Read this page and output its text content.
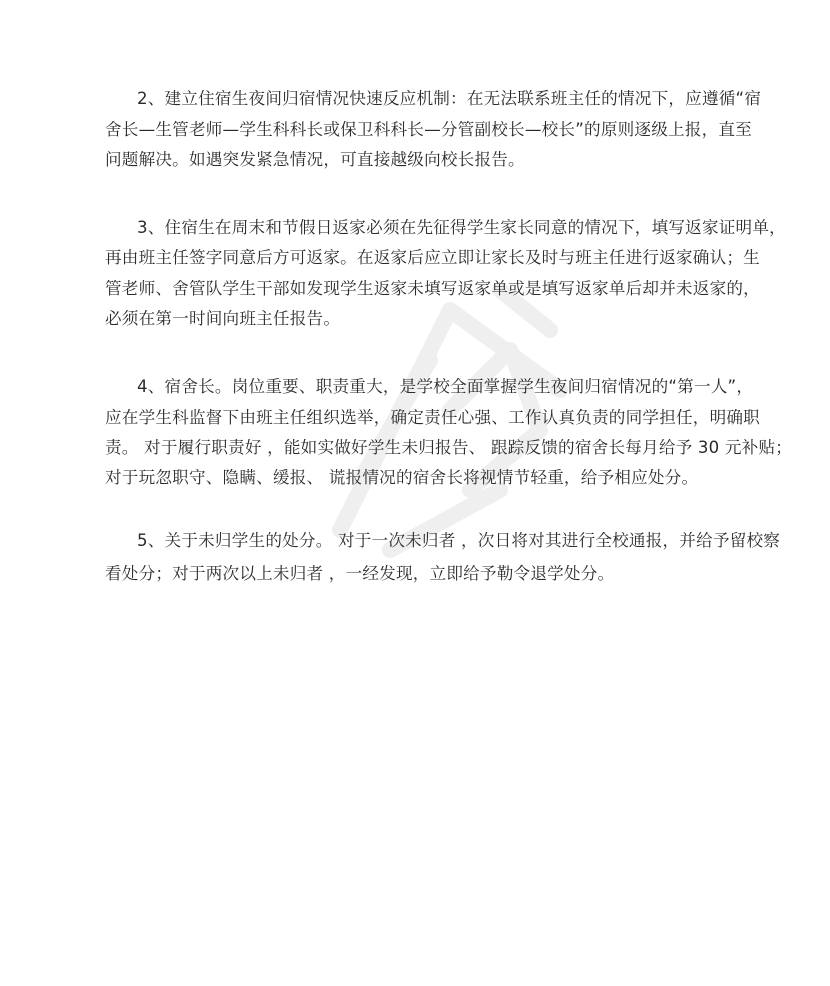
2、建立住宿生夜间归宿情况快速反应机制：在无法联系班主任的情况下，应遵循“宿
舍长—生管老师—学生科科长或保卫科科长—分管副校长—校长”的原则逐级上报，直至
问题解决。如遇突发紧急情况，可直接越级向校长报告。
3、住宿生在周末和节假日返家必须在先征得学生家长同意的情况下，填写返家证明单，
再由班主任签字同意后方可返家。在返家后应立即让家长及时与班主任进行返家确认；生
管老师、舍管队学生干部如发现学生返家未填写返家单或是填写返家单后却并未返家的，
必须在第一时间向班主任报告。
4、宿舍长。岗位重要、职责重大，是学校全面掌握学生夜间归宿情况的“第一人”，
应在学生科监督下由班主任组织选举，确定责任心强、工作认真负责的同学担任，明确职
责。 对于履行职责好 ，能如实做好学生未归报告、 跟踪反馈的宿舍长每月给予 30 元补贴；
对于玩忽职守、隐瞒、缓报、 谎报情况的宿舍长将视情节轻重，给予相应处分。
5、关于未归学生的处分。 对于一次未归者 ，次日将对其进行全校通报，并给予留校察
看处分；对于两次以上未归者 ，一经发现，立即给予勒令退学处分。
